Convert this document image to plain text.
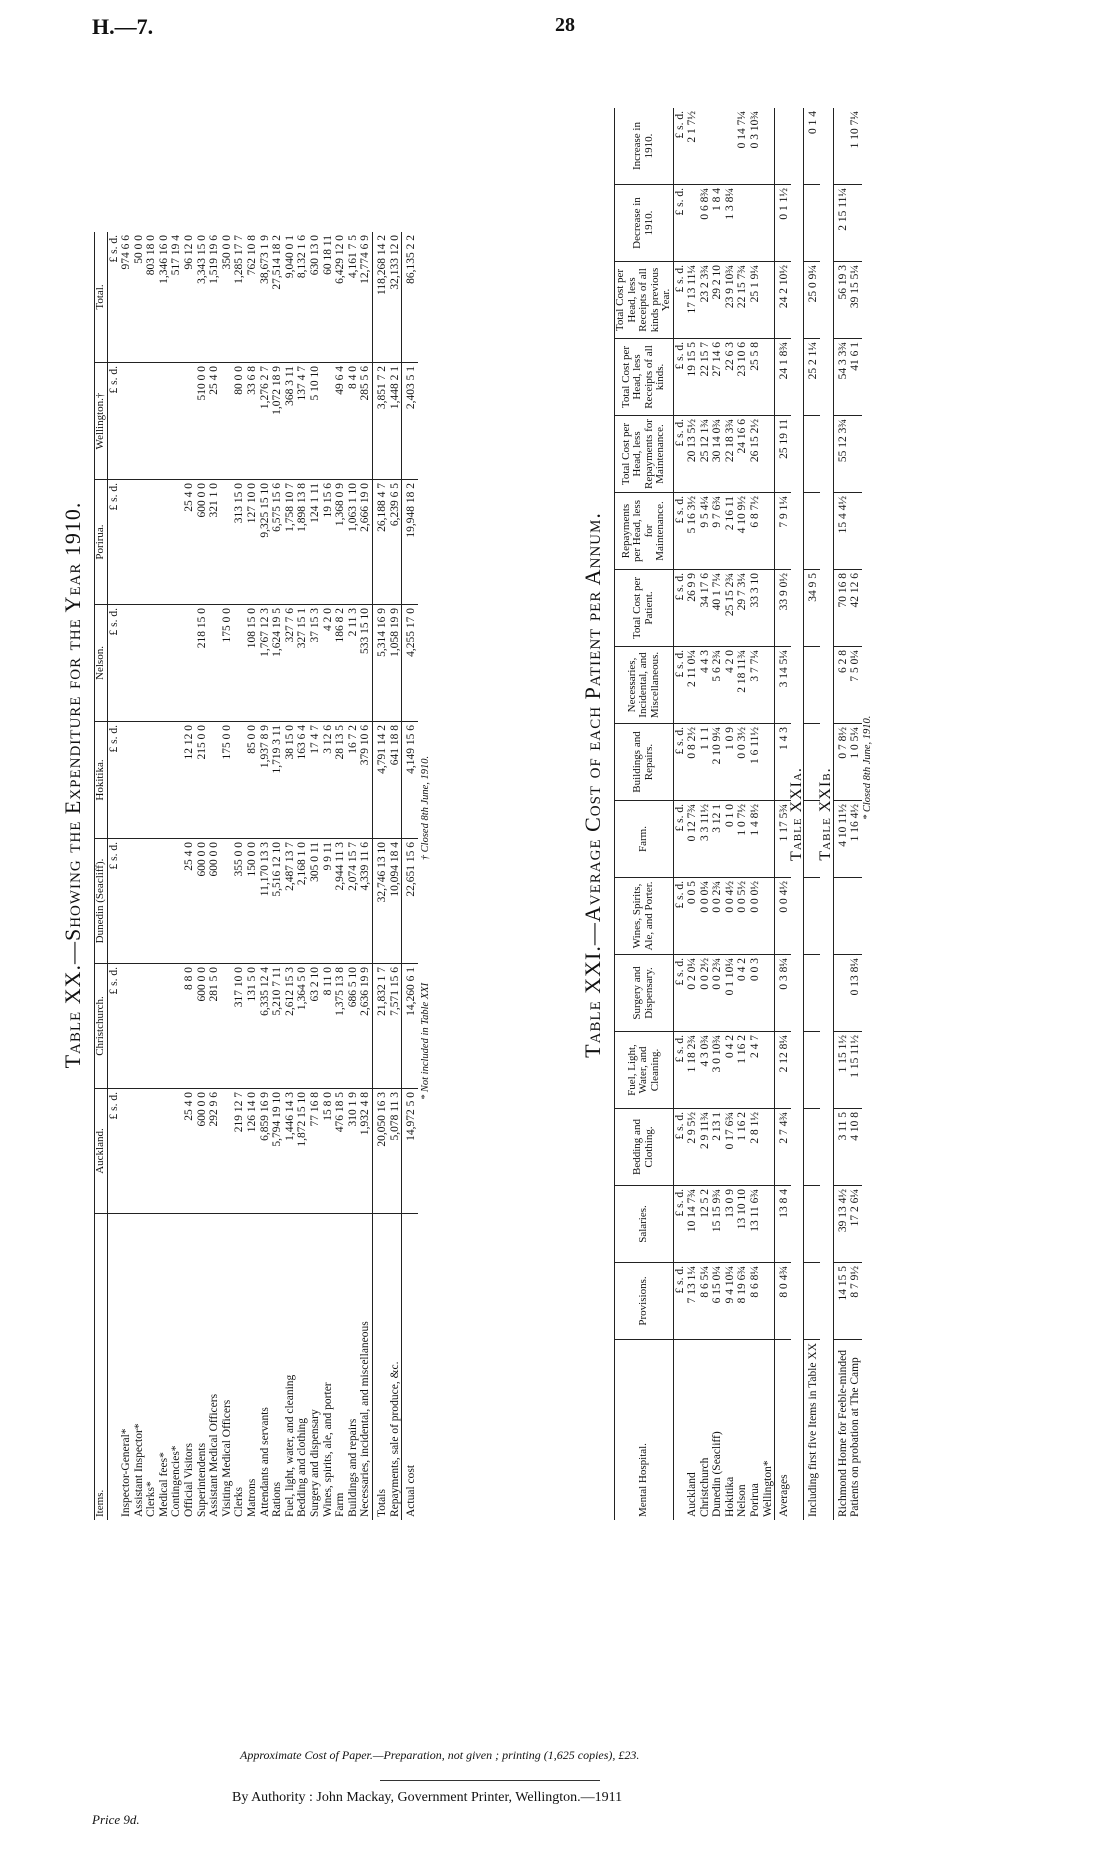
H.—7.	28
Table XX.—Showing the Expenditure for the Year 1910.
Items.	Auckland.	Christchurch.	Dunedin (Seacliff).	Hokitika.	Nelson.	Porirua.	Wellington.†	Total.
	£ s. d.	£ s. d.	£ s. d.	£ s. d.	£ s. d.	£ s. d.	£ s. d.	£ s. d.
Inspector-General*								974 6 6
Assistant Inspector*								50 0 0
Clerks*								803 18 0
Medical fees*								1,346 16 0
Contingencies*								517 19 4
Official Visitors	25 4 0	8 8 0	25 4 0	12 12 0		25 4 0		96 12 0
Superintendents	600 0 0	600 0 0	600 0 0	215 0 0	218 15 0	600 0 0	510 0 0	3,343 15 0
Assistant Medical Officers	292 9 6	281 5 0	600 0 0			321 1 0	25 4 0	1,519 19 6
Visiting Medical Officers				175 0 0	175 0 0			350 0 0
Clerks	219 12 7	317 10 0	355 0 0			313 15 0	80 0 0	1,285 17 7
Matrons	126 14 0	131 5 0	150 0 0	85 0 0	108 15 0	127 10 0	33 6 8	762 10 8
Attendants and servants	6,859 16 9	6,335 12 4	11,170 13 3	1,937 8 9	1,767 12 3	9,325 15 10	1,276 2 7	38,673 1 9
Rations	5,794 19 10	5,210 7 11	5,516 12 10	1,719 3 11	1,624 19 5	6,575 15 6	1,072 18 9	27,514 18 2
Fuel, light, water, and cleaning	1,446 14 3	2,612 15 3	2,487 13 7	38 15 0	327 7 6	1,758 10 7	368 3 11	9,040 0 1
Bedding and clothing	1,872 15 10	1,364 5 0	2,168 1 0	163 6 4	327 15 1	1,898 13 8	137 4 7	8,132 1 6
Surgery and dispensary	77 16 8	63 2 10	305 0 11	17 4 7	37 15 3	124 1 11	5 10 10	630 13 0
Wines, spirits, ale, and porter	15 8 0	8 11 0	9 9 11	3 12 6	4 2 0	19 15 6		60 18 11
Farm	476 18 5	1,375 13 8	2,944 11 3	28 13 5	186 8 2	1,368 0 9	49 6 4	6,429 12 0
Buildings and repairs	310 1 9	686 5 10	2,074 15 7	16 7 2	2 11 3	1,063 1 10	8 4 0	4,161 7 5
Necessaries, incidental, and miscellaneous	1,932 4 8	2,636 19 9	4,339 11 6	379 10 6	533 15 10	2,666 19 0	285 5 6	12,774 6 9
Totals	20,050 16 3	21,832 1 7	32,746 13 10	4,791 14 2	5,314 16 9	26,188 4 7	3,851 7 2	118,268 14 2
Repayments, sale of produce, &c.	5,078 11 3	7,571 15 6	10,094 18 4	641 18 8	1,058 19 9	6,239 6 5	1,448 2 1	32,133 12 0
Actual cost	14,972 5 0	14,260 6 1	22,651 15 6	4,149 15 6	4,255 17 0	19,948 18 2	2,403 5 1	86,135 2 2
* Not included in Table XXI † Closed 8th June, 1910.	Table XXI.—Average Cost of each Patient per Annum.
Mental Hospital.	Provisions.	Salaries.	Bedding and Clothing.	Fuel, Light, Water, and Cleaning.	Surgery and Dispensary.	Wines, Spirits, Ale, and Porter.	Farm.	Buildings and Repairs.	Necessaries, Incidental, and Miscellaneous.	Total Cost per Patient.	Repayments per Head, less for Maintenance.	Total Cost per Head, less Repayments for Maintenance.	Total Cost per Head, less Receipts of all kinds.	Total Cost per Head, less Receipts of all kinds previous Year.	Decrease in 1910.	Increase in 1910.
	£ s. d.	£ s. d.	£ s. d.	£ s. d.	£ s. d.	£ s. d.	£ s. d.	£ s. d.	£ s. d.	£ s. d.	£ s. d.	£ s. d.	£ s. d.	£ s. d.	£ s. d.	£ s. d.
Auckland	7 13 1¼	10 14 7¾	2 9 5½	1 18 2¾	0 2 0¼	0 0 5	0 12 7¾	0 8 2½	2 11 0¼	26 9 9	5 16 3½	20 13 5½	19 15 5	17 13 11¼		2 1 7½
Christchurch	8 6 5¼	12 5 2	2 9 11¾	4 3 0¾	0 0 2½	0 0 0¼	3 3 11½	1 1 1	4 4 3	34 17 6	9 5 4¼	25 12 1¾	22 15 7	23 2 3¾	0 6 8¾	
Dunedin (Seacliff)	6 15 0¼	15 15 9¾	2 13 1	3 0 10¾	0 0 2¾	0 0 2¾	3 12 1	2 10 9¼	5 6 2¾	40 1 7¼	9 7 6¾	30 14 0¾	27 14 6	29 2 10	1 8 4	
Hokitika	9 4 10¼	13 0 9	0 17 6¾	0 4 2	0 1 10¼	0 0 4½	0 1 0	1 0 9	4 2 0	25 15 2¾	2 16 11	22 18 3¾	22 6 3	23 9 10¾	1 3 8¼	
Nelson	8 19 6¾	13 10 10	1 16 2	1 16 2	0 4 2	0 0 5½	1 0 7½	0 0 3½	2 18 11¾	29 7 3¼	4 10 9½	24 16 6	23 10 6	22 15 7¾		0 14 7¼
Porirua	8 6 8¼	13 11 6¾	2 8 1½	2 4 7	0 0 3	0 0 0½	1 4 8½	1 6 11½	3 7 7¼	33 3 10	6 8 7½	26 15 2½	25 5 8	25 1 9¼		0 3 10¾
Wellington*																
Averages	8 0 4¾	13 8 4	2 7 4¾	2 12 8¼	0 3 8¼	0 0 4½	1 17 5¾	1 4 3	3 14 5¼	33 9 0½	7 9 1¼	25 19 11	24 1 8¾	24 2 10½	0 1 1½	
Table XXIa.																
Including first five Items in Table XX										34 9 5			25 2 1¼	25 0 9¼		0 1 4
Table XXIb.																
Richmond Home for Feeble-minded	14 15 5	39 13 4½	3 11 5	1 15 1½			4 10 11½	0 7 8½	6 2 8	70 16 8	15 4 4½	55 12 3¾	54 3 3¾	56 19 3	2 15 11¼	
Patients on probation at The Camp	8 7 9½	17 2 6¼	4 10 8	1 15 11½	0 13 8¼		1 16 4½	1 0 5¼	7 5 0¼	42 12 6			41 6 1	39 15 5¼		1 10 7¼
* Closed 8th June, 1910.																
Approximate Cost of Paper.—Preparation, not given ; printing (1,625 copies), £23.
By Authority : John Mackay, Government Printer, Wellington.—1911
Price 9d.
